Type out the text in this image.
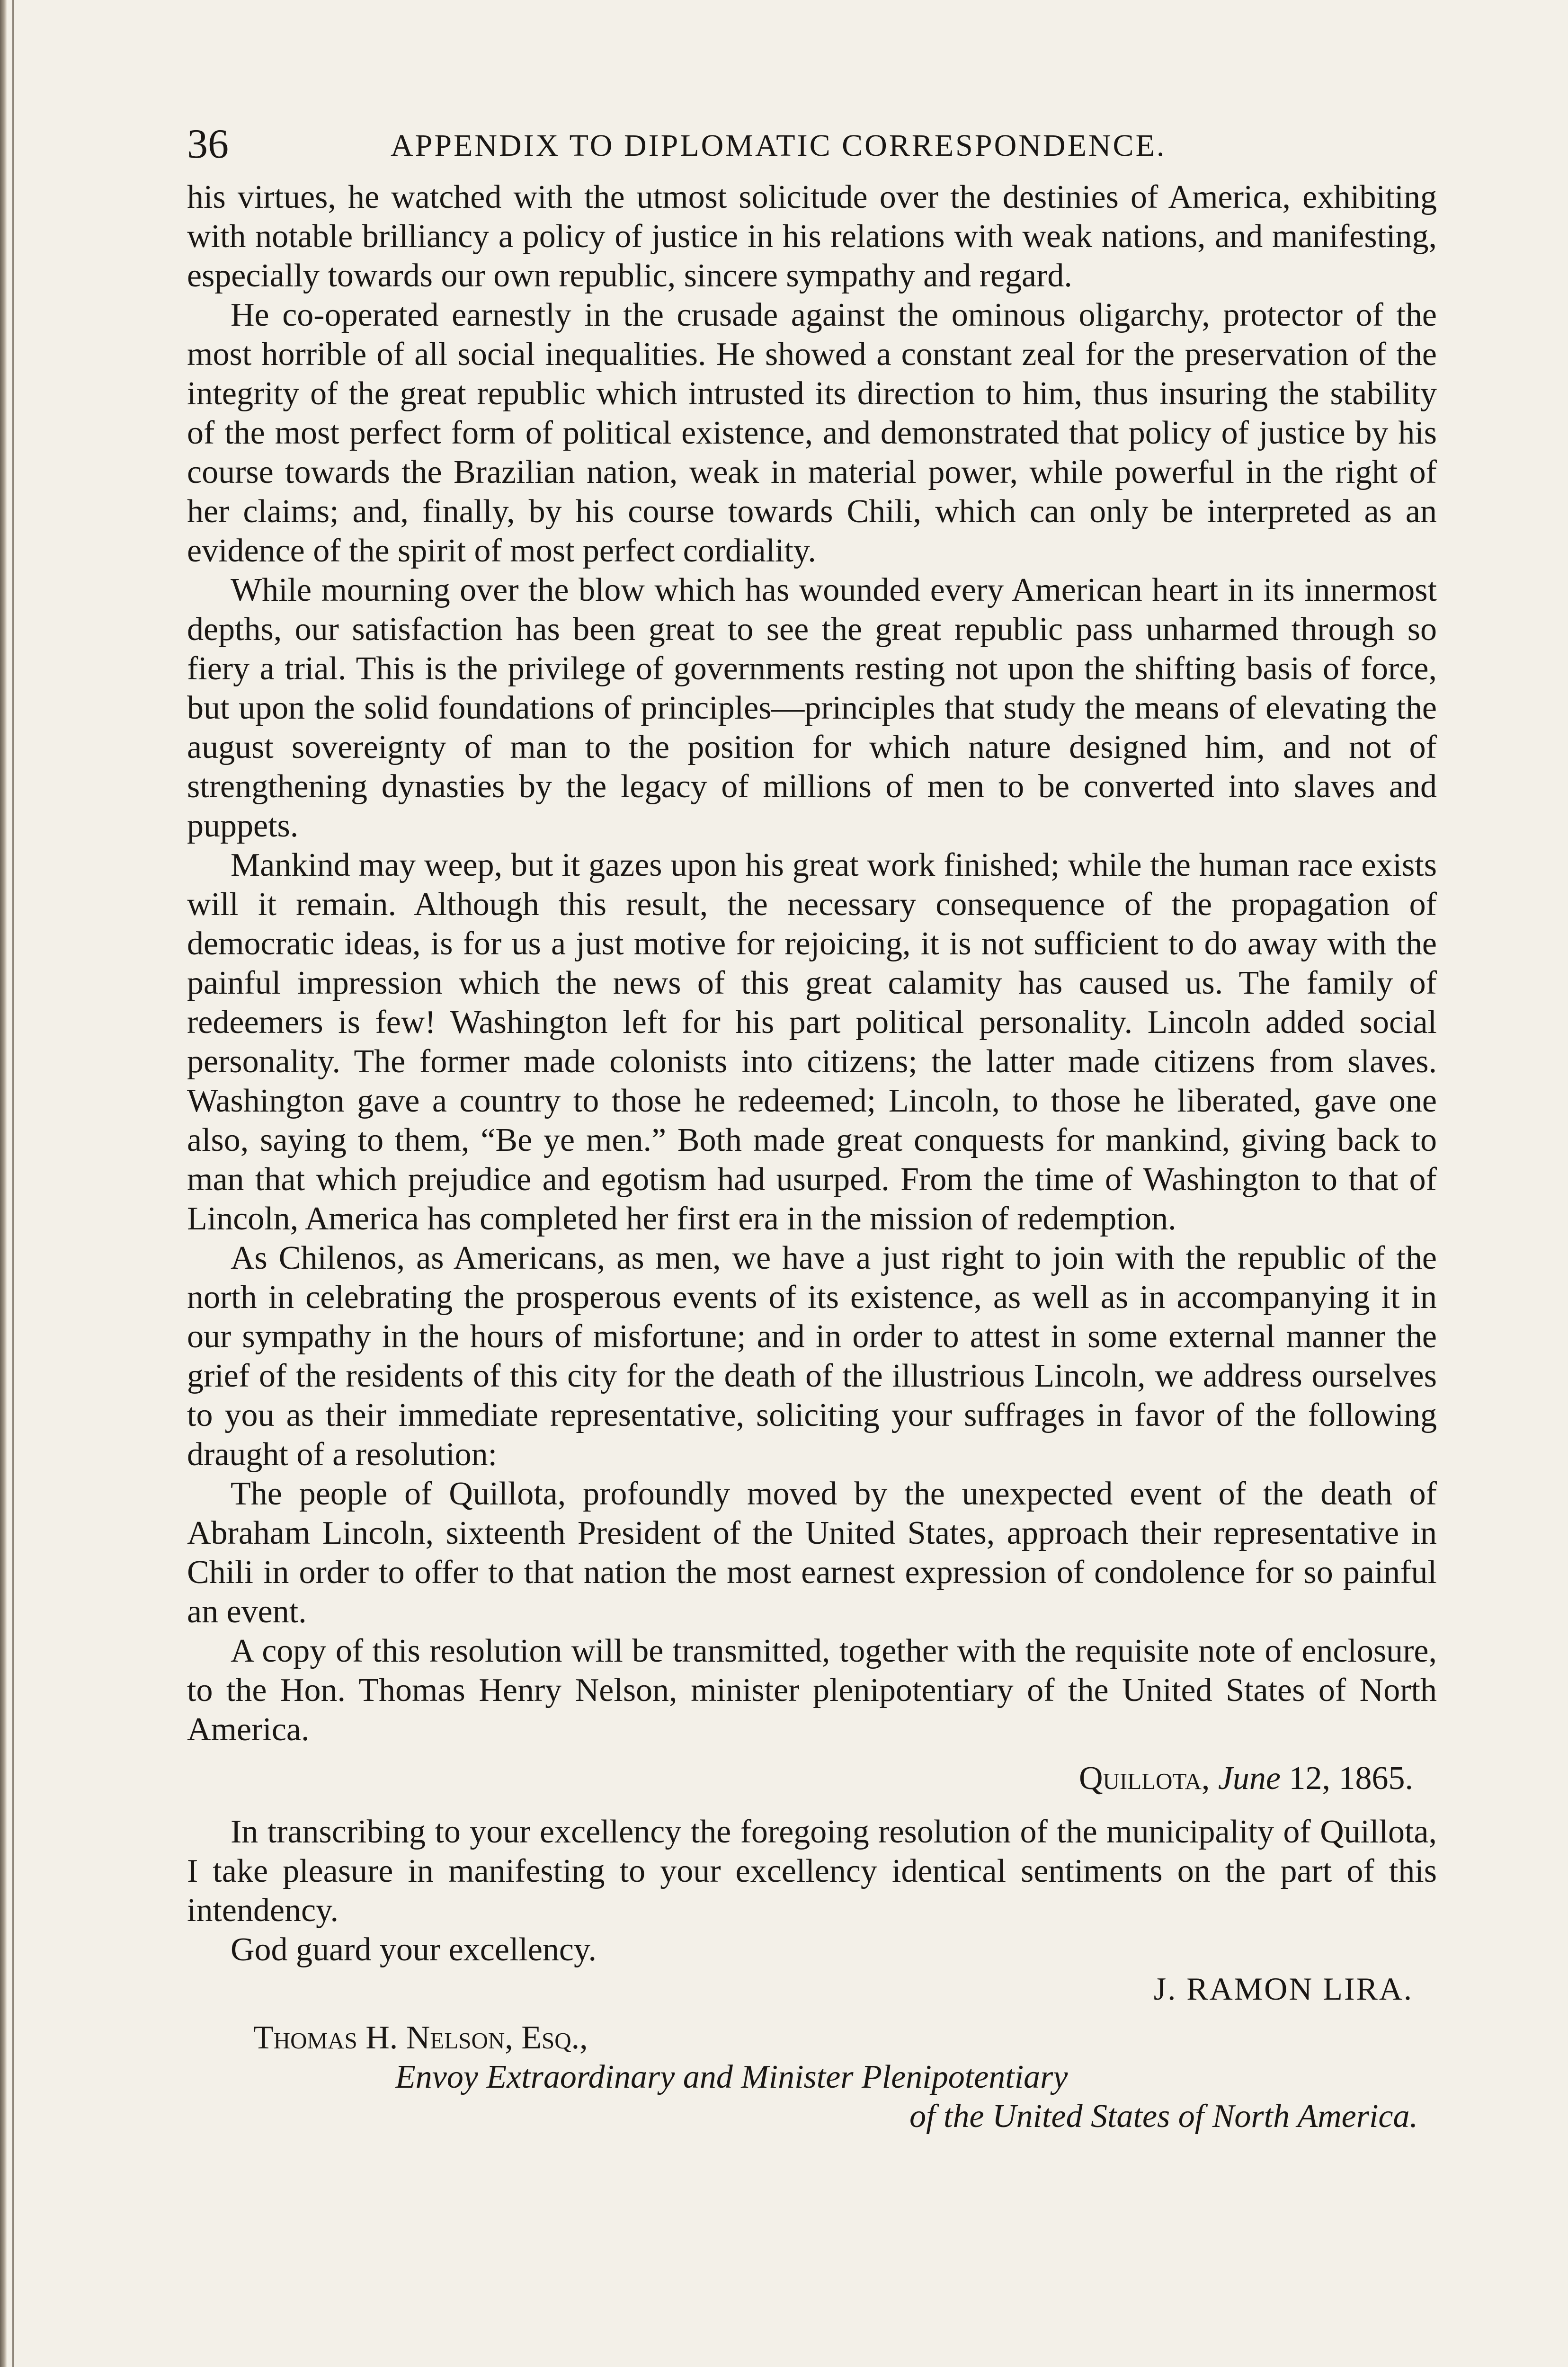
36	APPENDIX TO DIPLOMATIC CORRESPONDENCE.

his virtues, he watched with the utmost solicitude over the destinies of America, exhibiting with notable brilliancy a policy of justice in his relations with weak nations, and manifesting, especially towards our own republic, sincere sympathy and regard.

He co-operated earnestly in the crusade against the ominous oligarchy, protector of the most horrible of all social inequalities. He showed a constant zeal for the preservation of the integrity of the great republic which intrusted its direction to him, thus insuring the stability of the most perfect form of political existence, and demonstrated that policy of justice by his course towards the Brazilian nation, weak in material power, while powerful in the right of her claims; and, finally, by his course towards Chili, which can only be interpreted as an evidence of the spirit of most perfect cordiality.

While mourning over the blow which has wounded every American heart in its innermost depths, our satisfaction has been great to see the great republic pass unharmed through so fiery a trial. This is the privilege of governments resting not upon the shifting basis of force, but upon the solid foundations of principles—principles that study the means of elevating the august sovereignty of man to the position for which nature designed him, and not of strengthening dynasties by the legacy of millions of men to be converted into slaves and puppets.

Mankind may weep, but it gazes upon his great work finished; while the human race exists will it remain. Although this result, the necessary consequence of the propagation of democratic ideas, is for us a just motive for rejoicing, it is not sufficient to do away with the painful impression which the news of this great calamity has caused us. The family of redeemers is few! Washington left for his part political personality. Lincoln added social personality. The former made colonists into citizens; the latter made citizens from slaves. Washington gave a country to those he redeemed; Lincoln, to those he liberated, gave one also, saying to them, “Be ye men.” Both made great conquests for mankind, giving back to man that which prejudice and egotism had usurped. From the time of Washington to that of Lincoln, America has completed her first era in the mission of redemption.

As Chilenos, as Americans, as men, we have a just right to join with the republic of the north in celebrating the prosperous events of its existence, as well as in accompanying it in our sympathy in the hours of misfortune; and in order to attest in some external manner the grief of the residents of this city for the death of the illustrious Lincoln, we address ourselves to you as their immediate representative, soliciting your suffrages in favor of the following draught of a resolution:

The people of Quillota, profoundly moved by the unexpected event of the death of Abraham Lincoln, sixteenth President of the United States, approach their representative in Chili in order to offer to that nation the most earnest expression of condolence for so painful an event.

A copy of this resolution will be transmitted, together with the requisite note of enclosure, to the Hon. Thomas Henry Nelson, minister plenipotentiary of the United States of North America.

Quillota, June 12, 1865.

In transcribing to your excellency the foregoing resolution of the municipality of Quillota, I take pleasure in manifesting to your excellency identical sentiments on the part of this intendency.

God guard your excellency.

J. RAMON LIRA.
Thomas H. Nelson, Esq.,
Envoy Extraordinary and Minister Plenipotentiary
of the United States of North America.
